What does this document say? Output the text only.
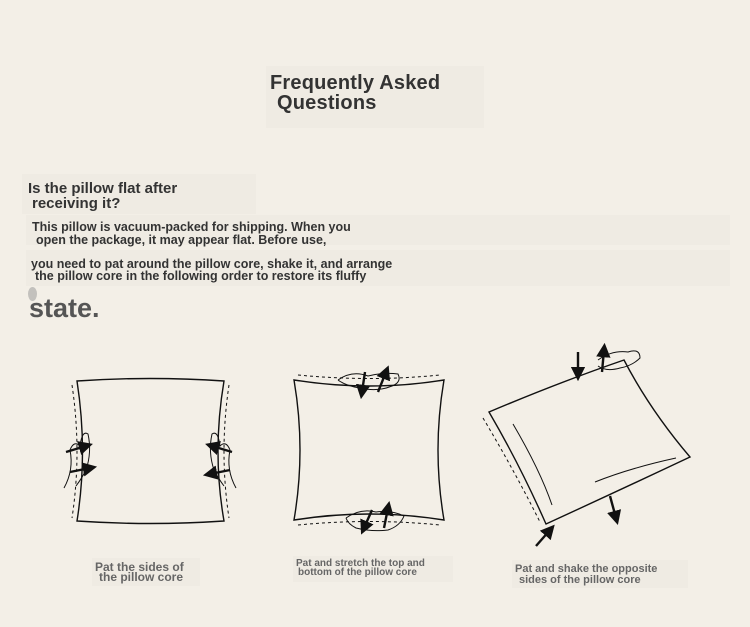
Frequently Asked
Questions
Is the pillow flat after
receiving it?
This pillow is vacuum-packed for shipping. When you
open the package, it may appear flat. Before use,
you need to pat around the pillow core, shake it, and arrange
the pillow core in the following order to restore its fluffy
state.
Pat the sides of
the pillow core
Pat and stretch the top and
bottom of the pillow core	Pat and shake the opposite
sides of the pillow core
